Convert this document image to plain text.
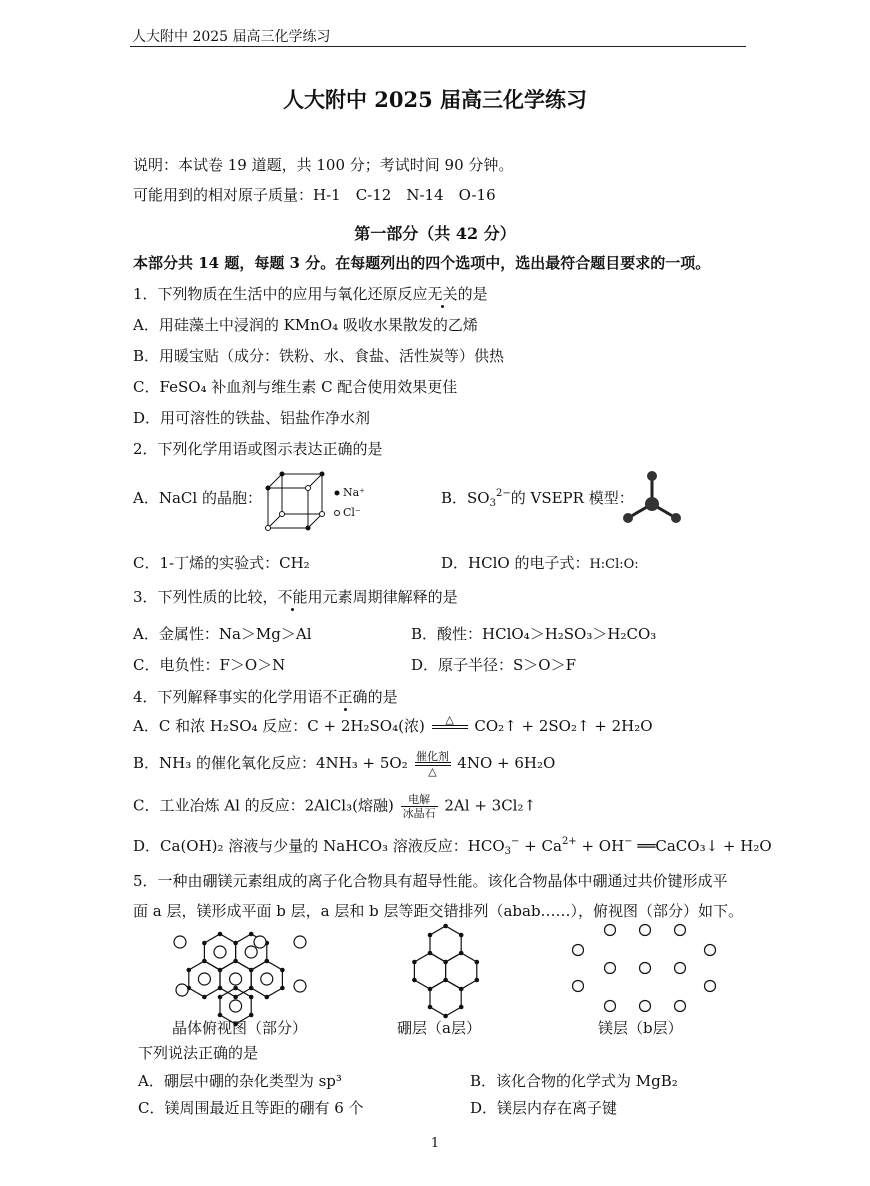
人大附中 2025 届高三化学练习
人大附中 2025 届高三化学练习
说明：本试卷 19 道题，共 100 分；考试时间 90 分钟。
可能用到的相对原子质量：H-1　C-12　N-14　O-16
第一部分（共 42 分）
本部分共 14 题，每题 3 分。在每题列出的四个选项中，选出最符合题目要求的一项。
1．下列物质在生活中的应用与氧化还原反应无关的是
A．用硅藻土中浸润的 KMnO₄ 吸收水果散发的乙烯
B．用暖宝贴（成分：铁粉、水、食盐、活性炭等）供热
C．FeSO₄ 补血剂与维生素 C 配合使用效果更佳
D．用可溶性的铁盐、铝盐作净水剂
2．下列化学用语或图示表达正确的是
A．NaCl 的晶胞：	Na⁺
Cl⁻
B．$SO_3^{2-}$的 VSEPR 模型：
C．1-丁烯的实验式：CH₂	D．HClO 的电子式：H:Cl:O:
3．下列性质的比较，不能用元素周期律解释的是
A．金属性：Na＞Mg＞Al	B．酸性：HClO₄＞H₂SO₃＞H₂CO₃
C．电负性：F＞O＞N	D．原子半径：S＞O＞F
4．下列解释事实的化学用语不正确的是
A．C 和浓 H₂SO₄ 反应：C + 2H₂SO₄(浓)	△
	CO₂↑ + 2SO₂↑ + 2H₂O
B．NH₃ 的催化氧化反应：4NH₃ + 5O₂ 催化剂
△	4NO + 6H₂O
C．工业冶炼 Al 的反应：2AlCl₃(熔融) $\frac{\text{电解}}{\text{冰晶石}} 2Al$ + 3Cl₂↑
D．Ca(OH)₂ 溶液与少量的 NaHCO₃ 溶液反应：$HCO_3^- + Ca^{2+} + OH^-$ ══CaCO₃↓ + H₂O
5．一种由硼镁元素组成的离子化合物具有超导性能。该化合物晶体中硼通过共价键形成平
面 a 层，镁形成平面 b 层，a 层和 b 层等距交错排列（abab……），俯视图（部分）如下。
晶体俯视图（部分）	硼层（a层）	镁层（b层）
下列说法正确的是
A．硼层中硼的杂化类型为 sp³	B．该化合物的化学式为 MgB₂
C．镁周围最近且等距的硼有 6 个	D．镁层内存在离子键
1
